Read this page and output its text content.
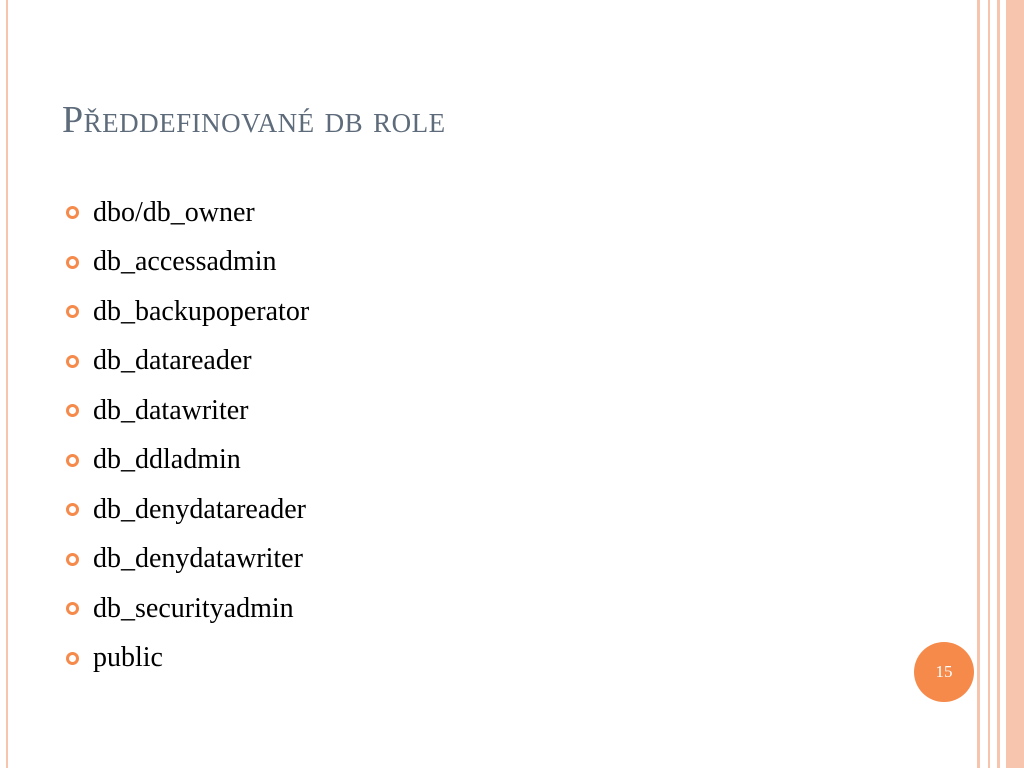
Předdefinované db role
dbo/db_owner
db_accessadmin
db_backupoperator
db_datareader
db_datawriter
db_ddladmin
db_denydatareader
db_denydatawriter
db_securityadmin
public	15
